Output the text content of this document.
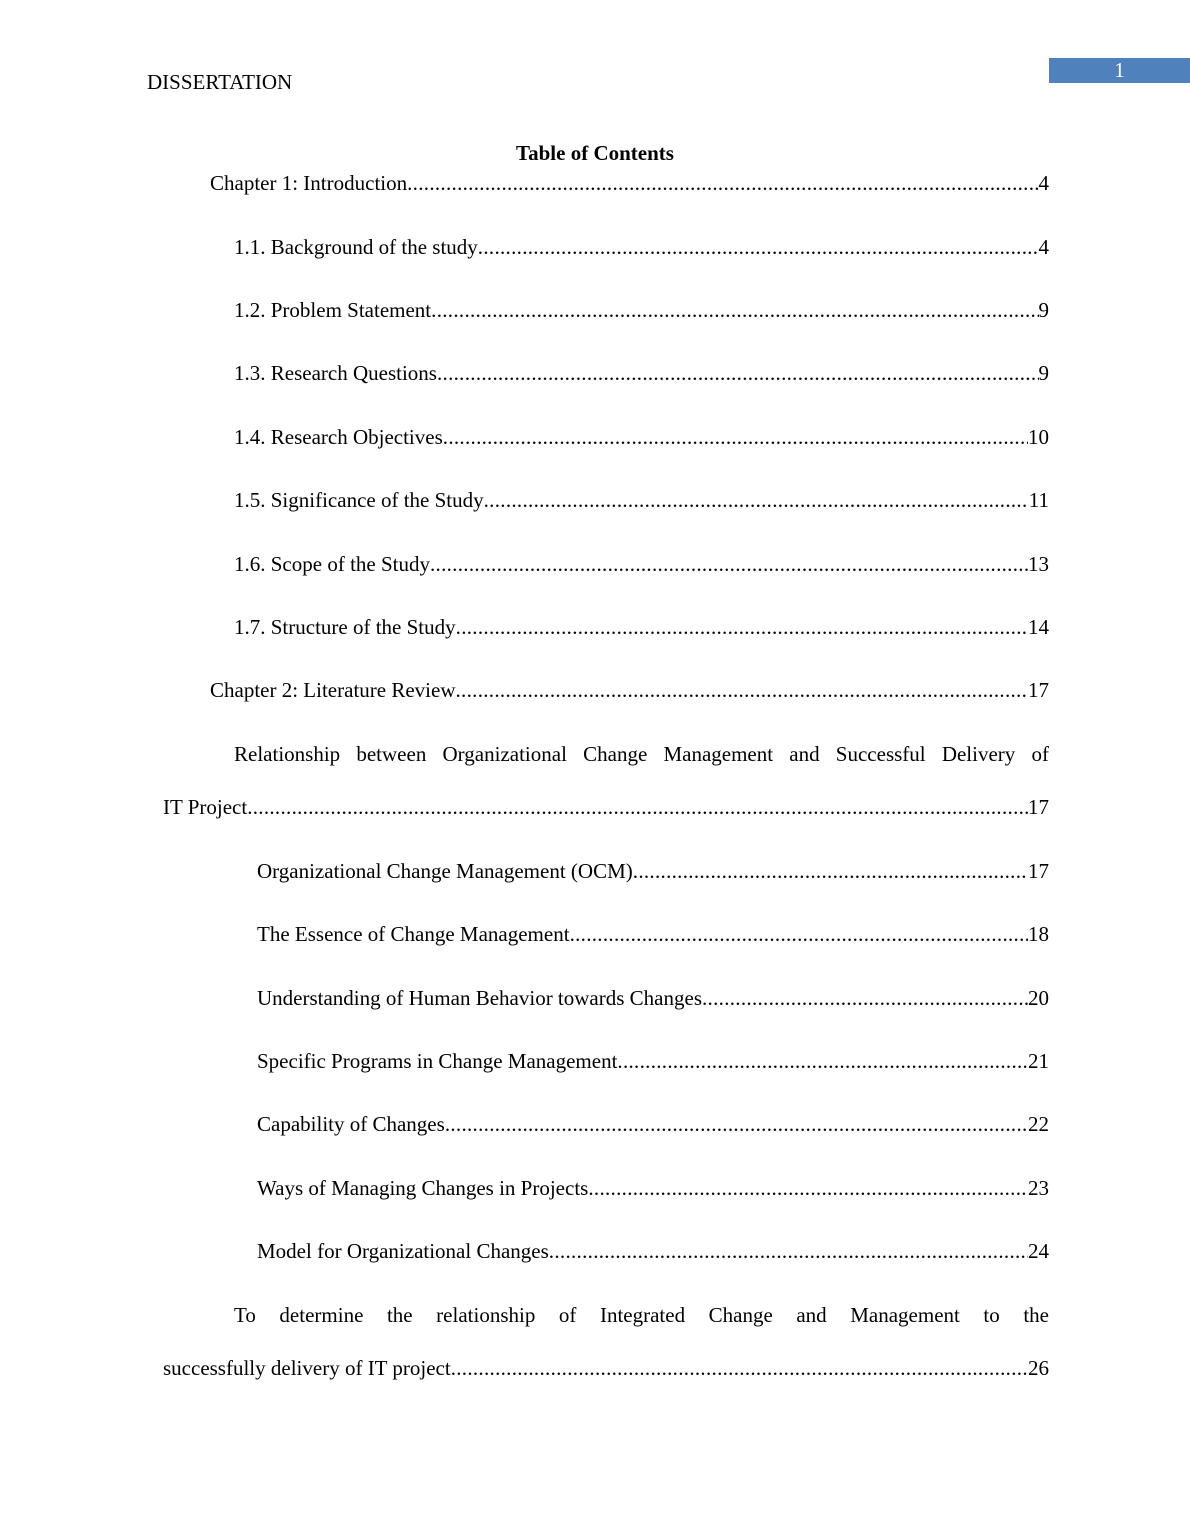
1
DISSERTATION
Table of Contents
Chapter 1: Introduction .....	4
1.1. Background of the study .....	4
1.2. Problem Statement .....	9
1.3. Research Questions .....	9
1.4. Research Objectives .....	10
1.5. Significance of the Study .....	11
1.6. Scope of the Study .....	13
1.7. Structure of the Study .....	14
Chapter 2: Literature Review .....	17
Relationship between Organizational Change Management and Successful Delivery of
IT Project .....	17
Organizational Change Management (OCM) .....	17
The Essence of Change Management .....	18
Understanding of Human Behavior towards Changes .....	20
Specific Programs in Change Management .....	21
Capability of Changes .....	22
Ways of Managing Changes in Projects .....	23
Model for Organizational Changes .....	24
To determine the relationship of Integrated Change and Management to the
successfully delivery of IT project .....	26
